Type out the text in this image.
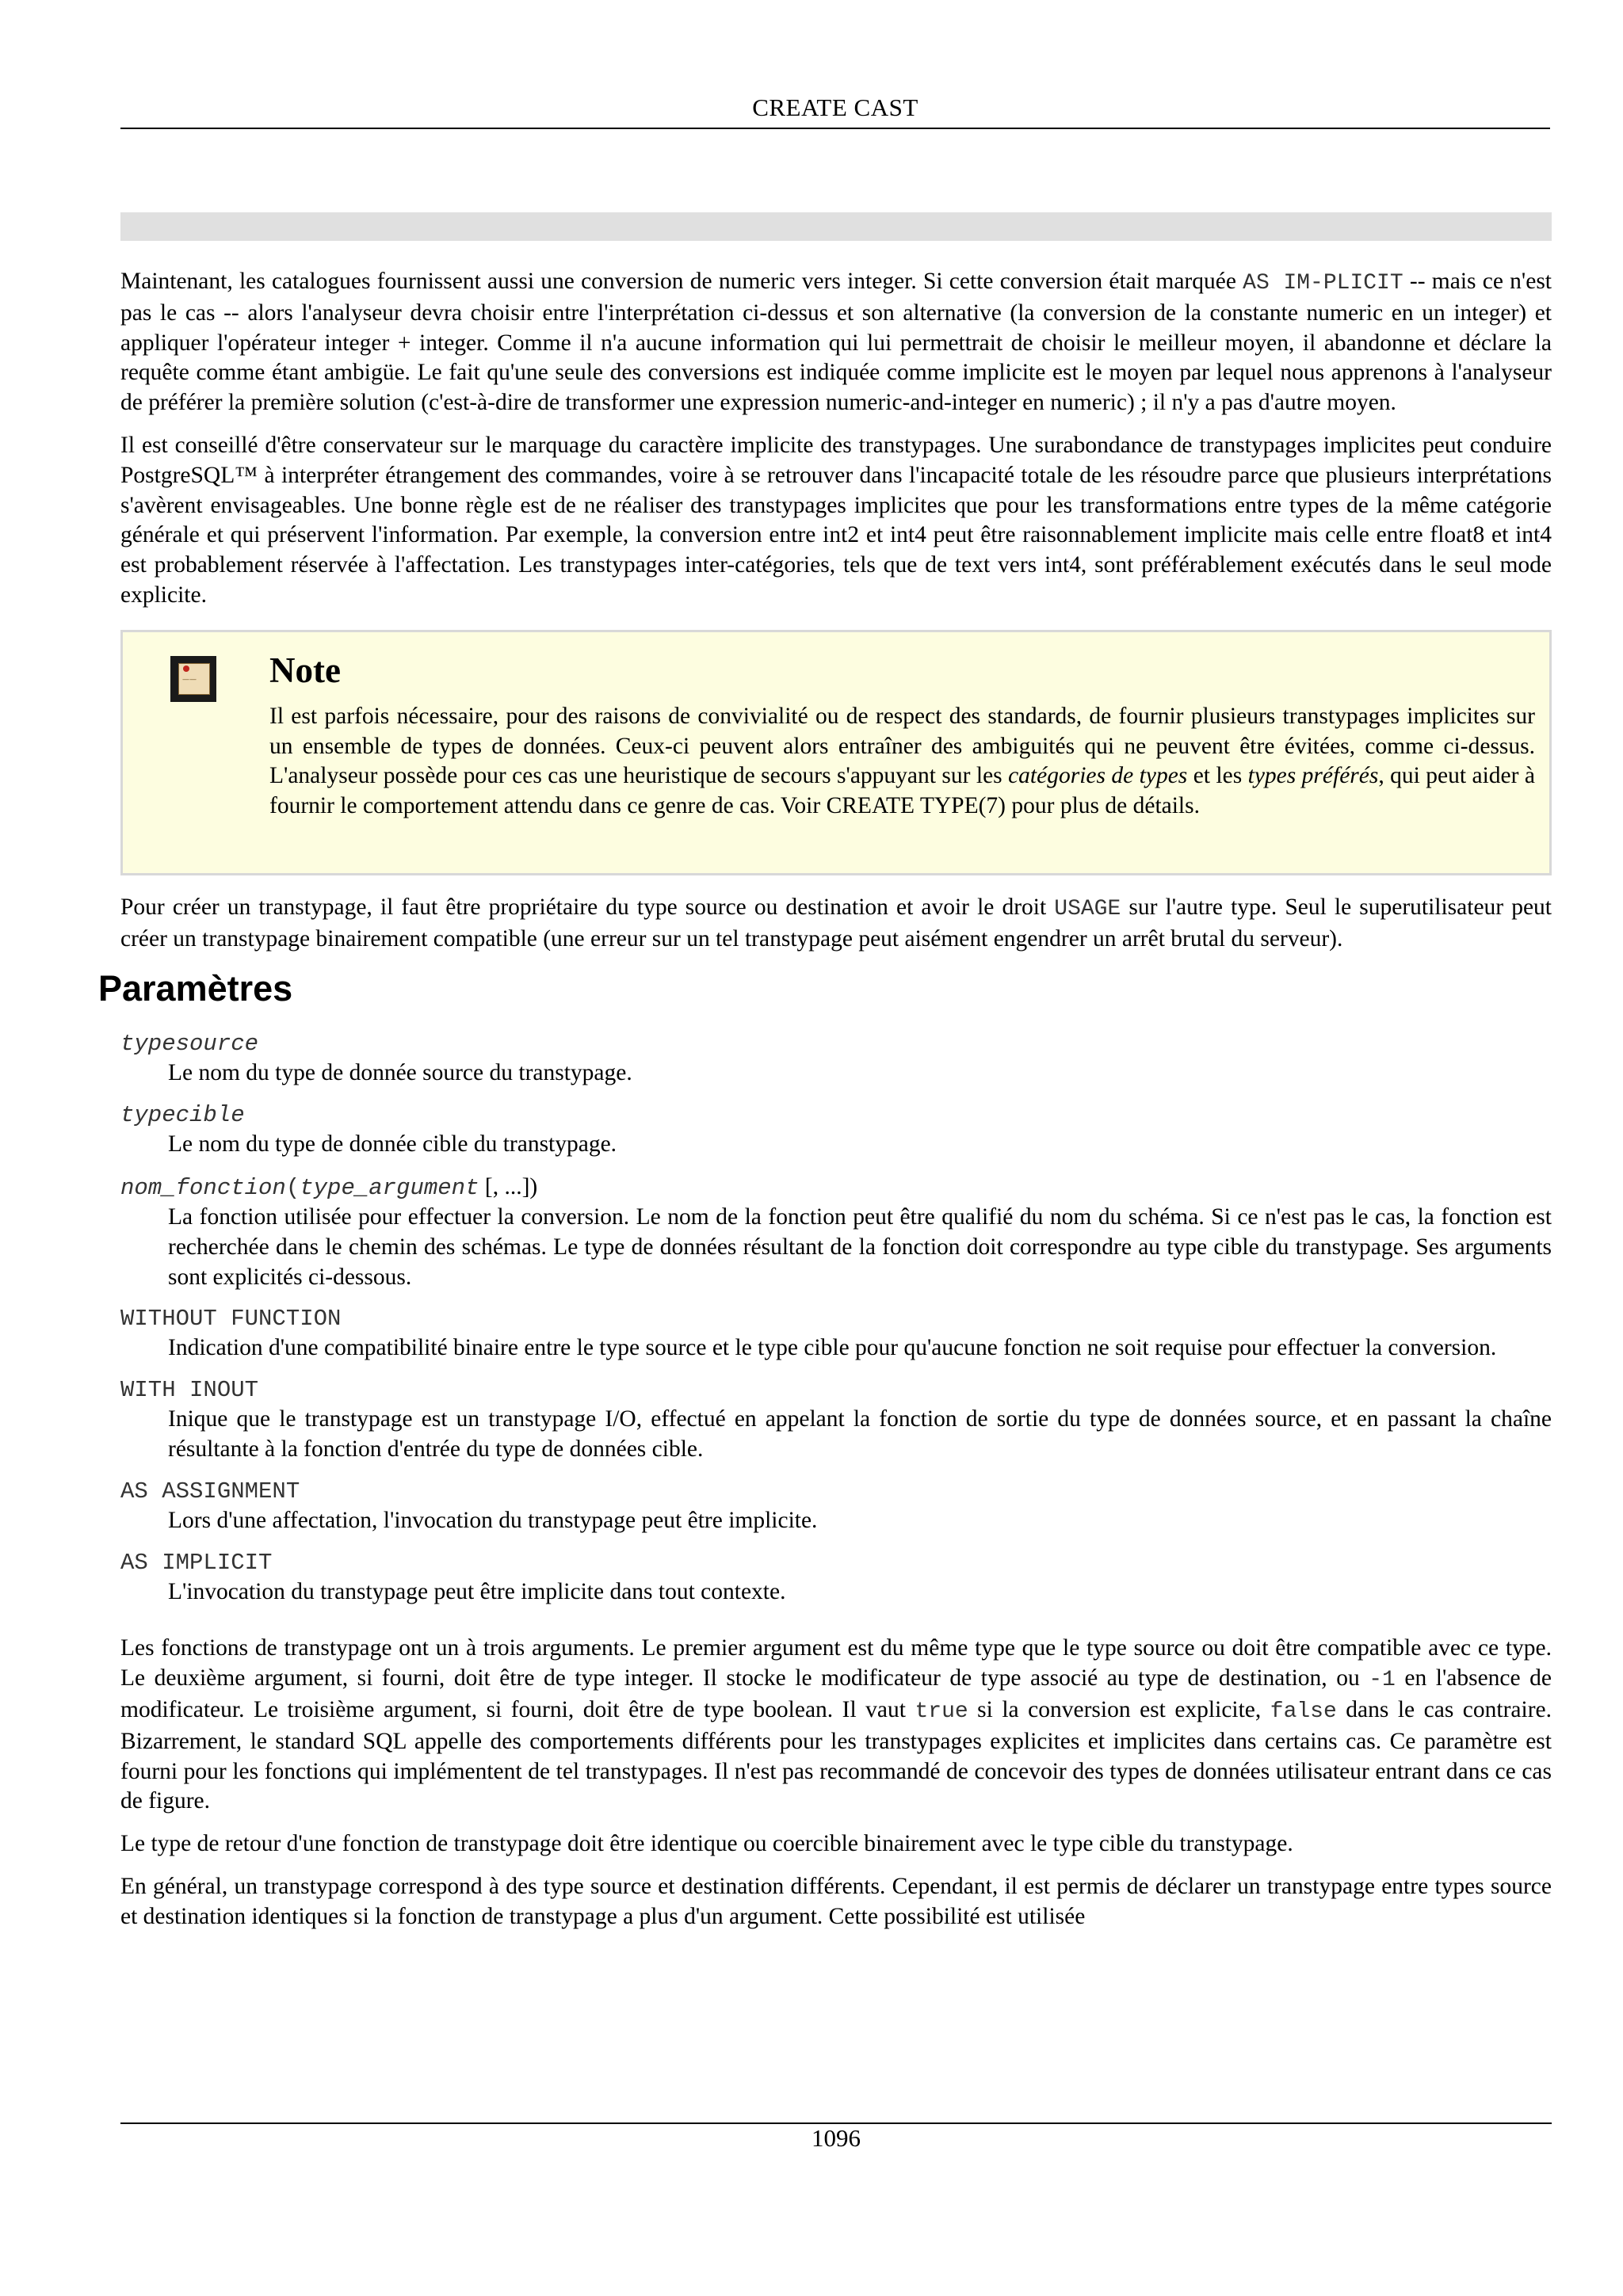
CREATE CAST

Maintenant, les catalogues fournissent aussi une conversion de numeric vers integer. Si cette conversion était marquée AS IM-PLICIT -- mais ce n'est pas le cas -- alors l'analyseur devra choisir entre l'interprétation ci-dessus et son alternative (la conversion de la constante numeric en un integer) et appliquer l'opérateur integer + integer. Comme il n'a aucune information qui lui permettrait de choisir le meilleur moyen, il abandonne et déclare la requête comme étant ambigüe. Le fait qu'une seule des conversions est indiquée comme implicite est le moyen par lequel nous apprenons à l'analyseur de préférer la première solution (c'est-à-dire de transformer une expression numeric-and-integer en numeric) ; il n'y a pas d'autre moyen.

Il est conseillé d'être conservateur sur le marquage du caractère implicite des transtypages. Une surabondance de transtypages implicites peut conduire PostgreSQL™ à interpréter étrangement des commandes, voire à se retrouver dans l'incapacité totale de les résoudre parce que plusieurs interprétations s'avèrent envisageables. Une bonne règle est de ne réaliser des transtypages implicites que pour les transformations entre types de la même catégorie générale et qui préservent l'information. Par exemple, la conversion entre int2 et int4 peut être raisonnablement implicite mais celle entre float8 et int4 est probablement réservée à l'affectation. Les transtypages inter-catégories, tels que de text vers int4, sont préférablement exécutés dans le seul mode explicite.

—— Note

Il est parfois nécessaire, pour des raisons de convivialité ou de respect des standards, de fournir plusieurs transtypages implicites sur un ensemble de types de données. Ceux-ci peuvent alors entraîner des ambiguités qui ne peuvent être évitées, comme ci-dessus. L'analyseur possède pour ces cas une heuristique de secours s'appuyant sur les catégories de types et les types préférés, qui peut aider à fournir le comportement attendu dans ce genre de cas. Voir CREATE TYPE(7) pour plus de détails.

Pour créer un transtypage, il faut être propriétaire du type source ou destination et avoir le droit USAGE sur l'autre type. Seul le superutilisateur peut créer un transtypage binairement compatible (une erreur sur un tel transtypage peut aisément engendrer un arrêt brutal du serveur).

Paramètres
typesource
Le nom du type de donnée source du transtypage.
typecible
Le nom du type de donnée cible du transtypage.
nom_fonction(type_argument [, ...])
La fonction utilisée pour effectuer la conversion. Le nom de la fonction peut être qualifié du nom du schéma. Si ce n'est pas le cas, la fonction est recherchée dans le chemin des schémas. Le type de données résultant de la fonction doit correspondre au type cible du transtypage. Ses arguments sont explicités ci-dessous.
WITHOUT FUNCTION
Indication d'une compatibilité binaire entre le type source et le type cible pour qu'aucune fonction ne soit requise pour effectuer la conversion.
WITH INOUT
Inique que le transtypage est un transtypage I/O, effectué en appelant la fonction de sortie du type de données source, et en passant la chaîne résultante à la fonction d'entrée du type de données cible.
AS ASSIGNMENT
Lors d'une affectation, l'invocation du transtypage peut être implicite.
AS IMPLICIT
L'invocation du transtypage peut être implicite dans tout contexte.

Les fonctions de transtypage ont un à trois arguments. Le premier argument est du même type que le type source ou doit être compatible avec ce type. Le deuxième argument, si fourni, doit être de type integer. Il stocke le modificateur de type associé au type de destination, ou -1 en l'absence de modificateur. Le troisième argument, si fourni, doit être de type boolean. Il vaut true si la conversion est explicite, false dans le cas contraire. Bizarrement, le standard SQL appelle des comportements différents pour les transtypages explicites et implicites dans certains cas. Ce paramètre est fourni pour les fonctions qui implémentent de tel transtypages. Il n'est pas recommandé de concevoir des types de données utilisateur entrant dans ce cas de figure.

Le type de retour d'une fonction de transtypage doit être identique ou coercible binairement avec le type cible du transtypage.

En général, un transtypage correspond à des type source et destination différents. Cependant, il est permis de déclarer un transtypage entre types source et destination identiques si la fonction de transtypage a plus d'un argument. Cette possibilité est utilisée

1096
